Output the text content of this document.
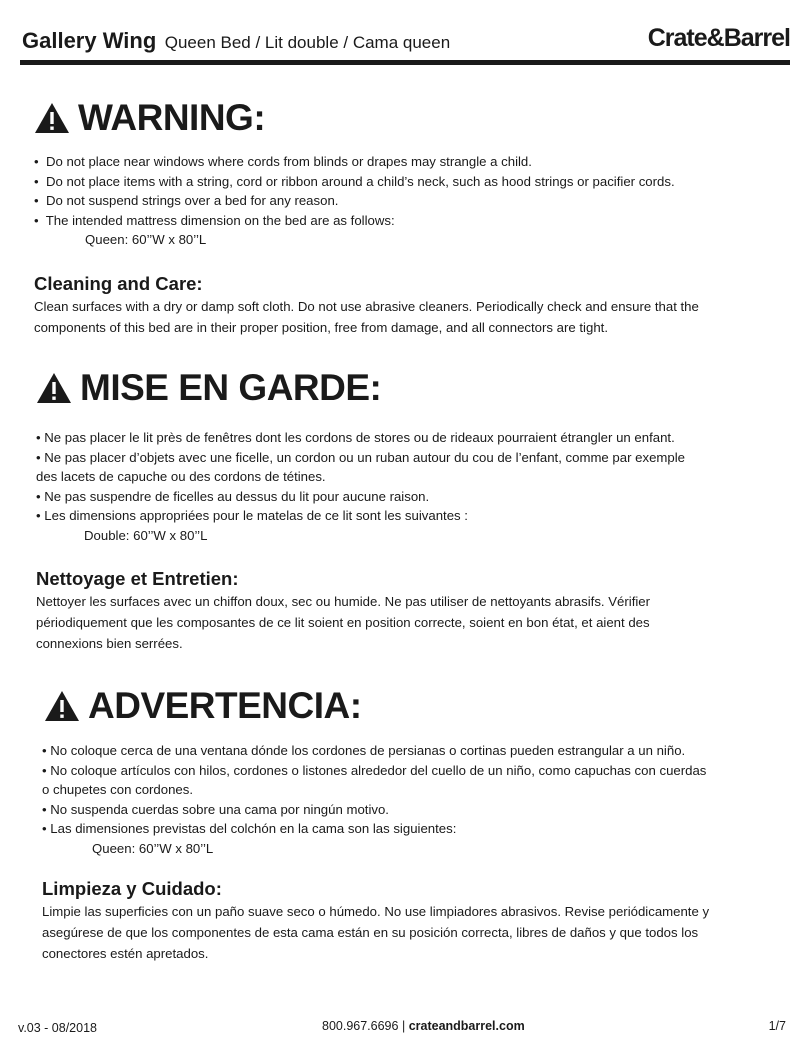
Gallery Wing Queen Bed / Lit double / Cama queen	Crate&Barrel
WARNING:
•  Do not place near windows where cords from blinds or drapes may strangle a child.
•  Do not place items with a string, cord or ribbon around a child’s neck, such as hood strings or pacifier cords.
•  Do not suspend strings over a bed for any reason.
•  The intended mattress dimension on the bed are as follows:
Queen: 60’’W x 80’’L
Cleaning and Care:

Clean surfaces with a dry or damp soft cloth. Do not use abrasive cleaners. Periodically check and ensure that the
components of this bed are in their proper position, free from damage, and all connectors are tight.

MISE EN GARDE:
• Ne pas placer le lit près de fenêtres dont les cordons de stores ou de rideaux pourraient étrangler un enfant.
• Ne pas placer d’objets avec une ficelle, un cordon ou un ruban autour du cou de l’enfant, comme par exemple
des lacets de capuche ou des cordons de tétines.
• Ne pas suspendre de ficelles au dessus du lit pour aucune raison.
• Les dimensions appropriées pour le matelas de ce lit sont les suivantes :
Double: 60’’W x 80’’L
Nettoyage et Entretien:

Nettoyer les surfaces avec un chiffon doux, sec ou humide. Ne pas utiliser de nettoyants abrasifs. Vérifier
périodiquement que les composantes de ce lit soient en position correcte, soient en bon état, et aient des
connexions bien serrées.

ADVERTENCIA:
• No coloque cerca de una ventana dónde los cordones de persianas o cortinas pueden estrangular a un niño.
• No coloque artículos con hilos, cordones o listones alrededor del cuello de un niño, como capuchas con cuerdas
o chupetes con cordones.
• No suspenda cuerdas sobre una cama por ningún motivo.
• Las dimensiones previstas del colchón en la cama son las siguientes:
Queen: 60’’W x 80’’L
Limpieza y Cuidado:

Limpie las superficies con un paño suave seco o húmedo. No use limpiadores abrasivos. Revise periódicamente y
asegúrese de que los componentes de esta cama están en su posición correcta, libres de daños y que todos los
conectores estén apretados.

v.03 - 08/2018	800.967.6696 | crateandbarrel.com	1/7
